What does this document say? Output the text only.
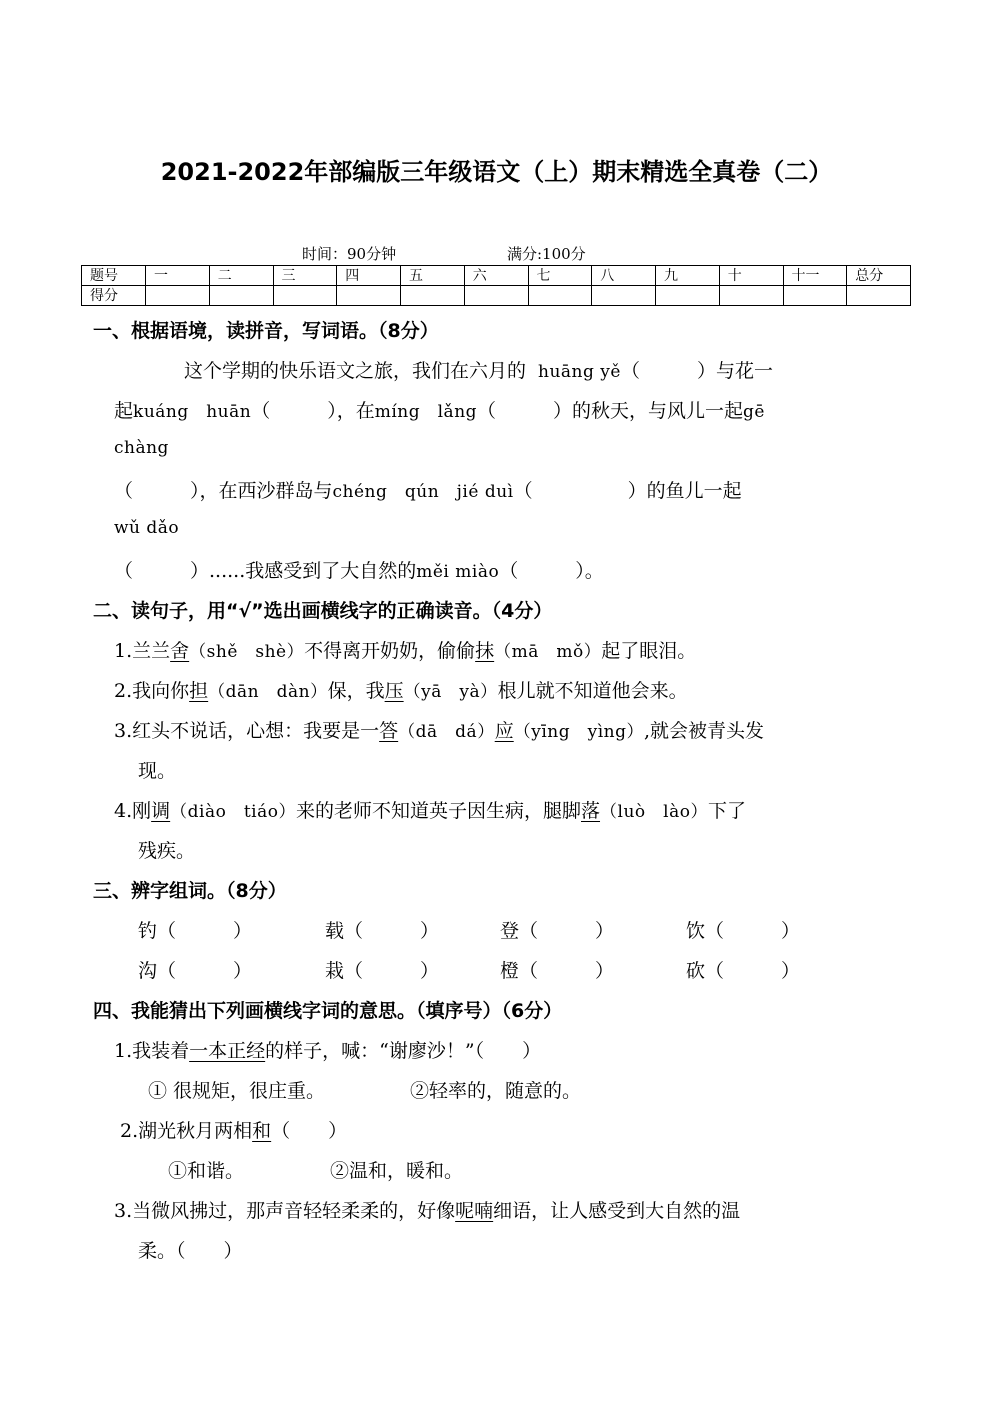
2021-2022年部编版三年级语文（上）期末精选全真卷（二）
时间：90分钟	满分:100分
题号	一	二	三	四	五	六	七	八	九	十	十一	总分
得分												
一、根据语境，读拼音，写词语。（8分）
这个学期的快乐语文之旅，我们在六月的 huāng yě（　　　）与花一
起kuáng　huān（　　　），在míng　lǎng（　　　）的秋天，与风儿一起gē
chàng
（　　　），在西沙群岛与chéng　qún　jié duì（　　　　　）的鱼儿一起
wǔ dǎo
（　　　）......我感受到了大自然的měi miào（　　　）。
二、读句子，用“√”选出画横线字的正确读音。（4分）
1.兰兰舍（shě　shè）不得离开奶奶，偷偷抹（mā　mǒ）起了眼泪。
2.我向你担（dān　dàn）保，我压（yā　yà）根儿就不知道他会来。
3.红头不说话，心想：我要是一答（dā　dá）应（yīng　yìng）,就会被青头发
现。
4.刚调（diào　tiáo）来的老师不知道英子因生病，腿脚落（luò　lào）下了
残疾。
三、辨字组词。（8分）
钓（　　　）	载（　　　）	登（　　　）	饮（　　　）
沟（　　　）	栽（　　　）	橙（　　　）	砍（　　　）
四、我能猜出下列画横线字词的意思。（填序号）（6分）
1.我装着一本正经的样子，喊：“谢廖沙！”（　　）
① 很规矩，很庄重。	②轻率的，随意的。
2.湖光秋月两相和（　　）
①和谐。	②温和，暖和。
3.当微风拂过，那声音轻轻柔柔的，好像呢喃细语，让人感受到大自然的温
柔。（　　）
